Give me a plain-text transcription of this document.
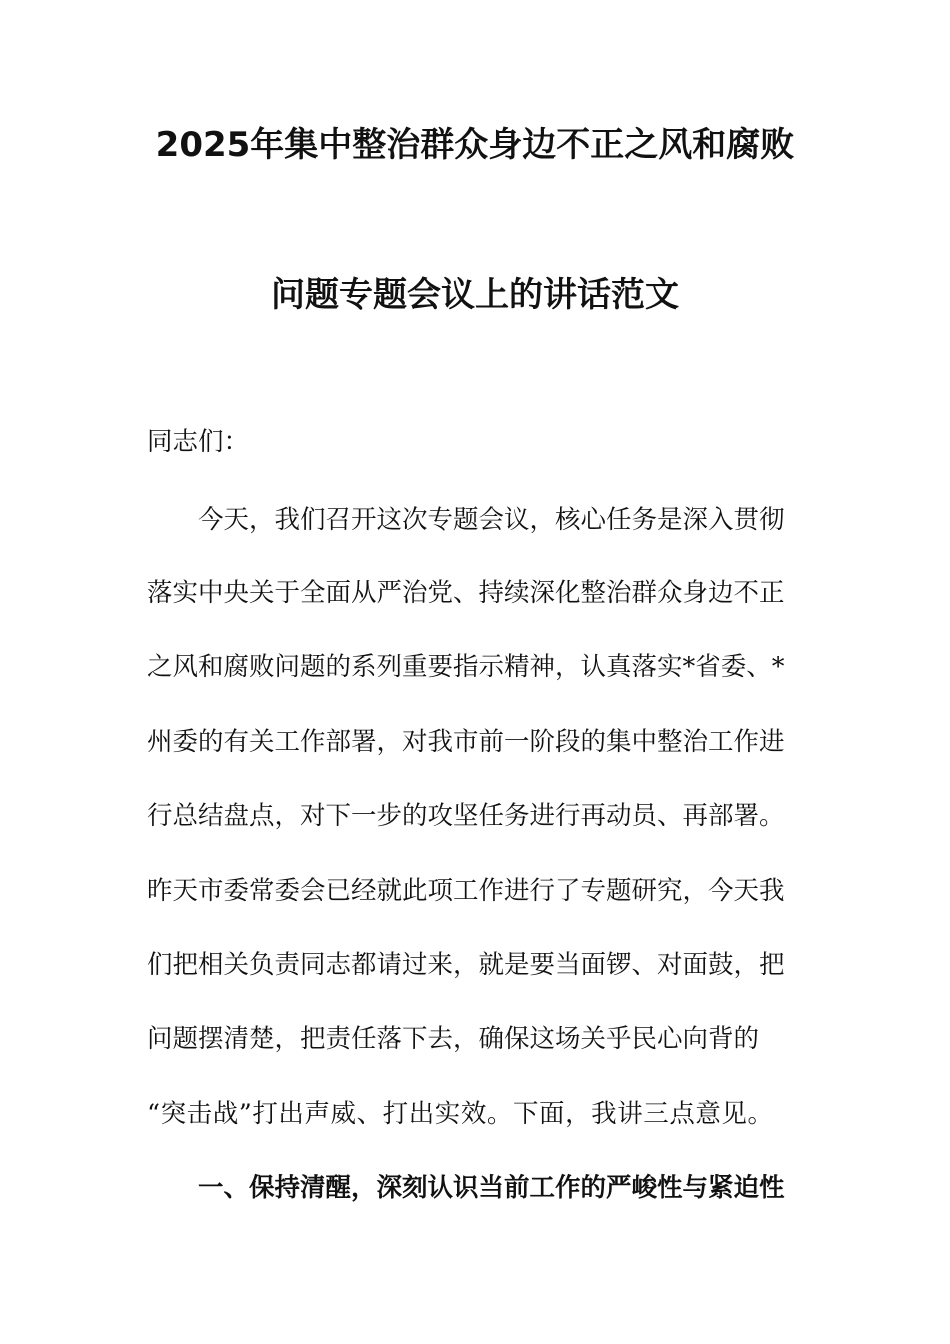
2025年集中整治群众身边不正之风和腐败
问题专题会议上的讲话范文
同志们：
今天，我们召开这次专题会议，核心任务是深入贯彻
落实中央关于全面从严治党、持续深化整治群众身边不正
之风和腐败问题的系列重要指示精神，认真落实*省委、*
州委的有关工作部署，对我市前一阶段的集中整治工作进
行总结盘点，对下一步的攻坚任务进行再动员、再部署。
昨天市委常委会已经就此项工作进行了专题研究，今天我
们把相关负责同志都请过来，就是要当面锣、对面鼓，把
问题摆清楚，把责任落下去，确保这场关乎民心向背的
“突击战”打出声威、打出实效。下面，我讲三点意见。
一、保持清醒，深刻认识当前工作的严峻性与紧迫性
